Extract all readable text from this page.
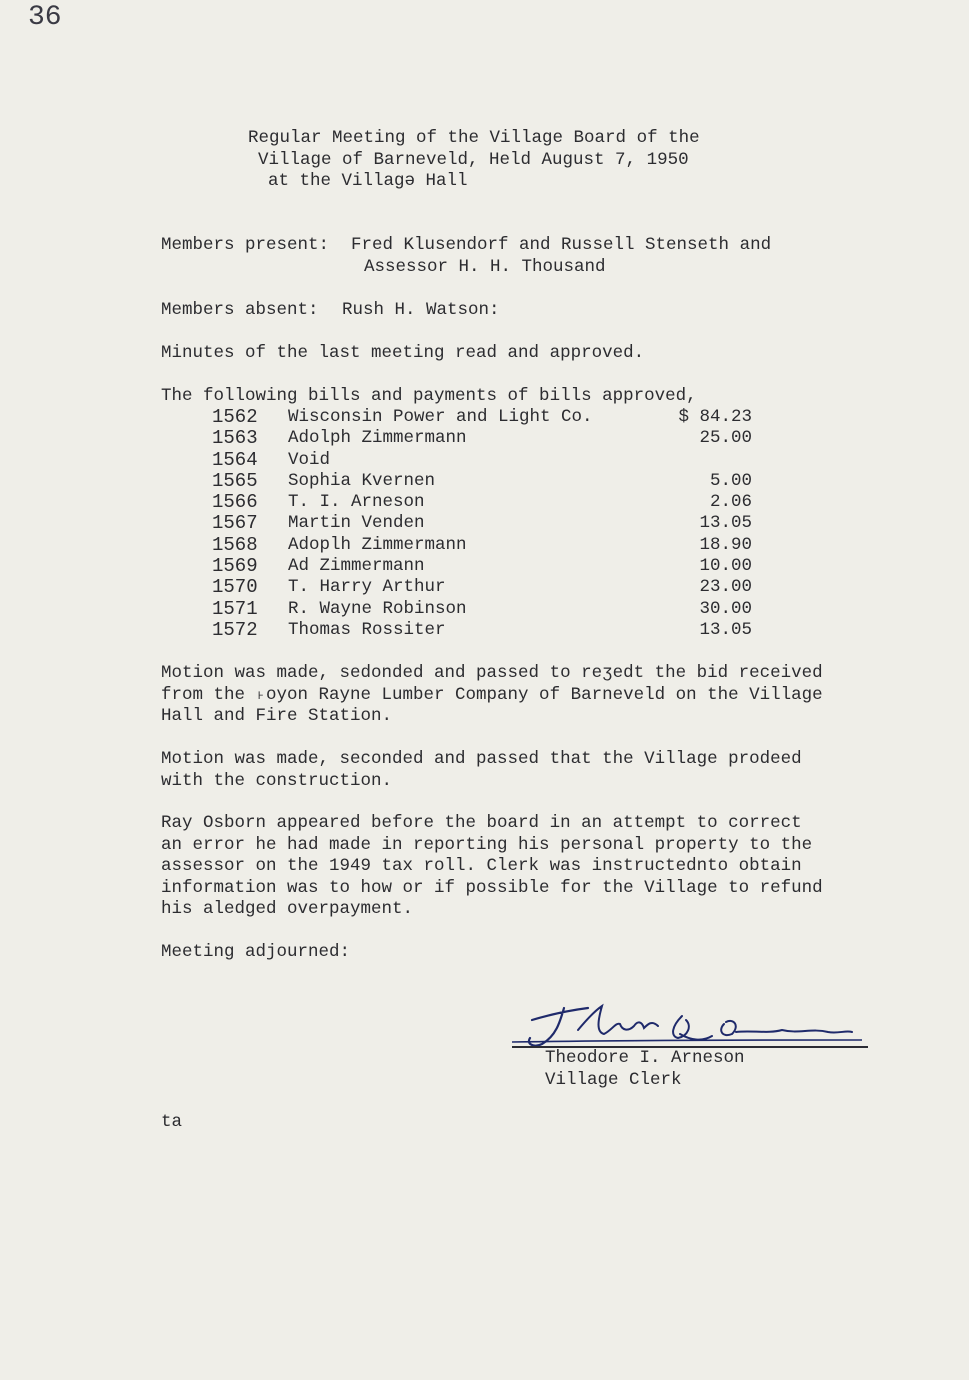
36
Regular Meeting of the Village Board of the
Village of Barneveld, Held August 7, 1950
at the Villagə Hall
Members present: Fred Klusendorf and Russell Stenseth and
Assessor H. H. Thousand
Members absent: Rush H. Watson:
Minutes of the last meeting read and approved.
The following bills and payments of bills approved,
1562	Wisconsin Power and Light Co.	$ 84.23
1563	Adolph Zimmermann	25.00
1564	Void	
1565	Sophia Kvernen	5.00
1566	T. I. Arneson	2.06
1567	Martin Venden	13.05
1568	Adoplh Zimmermann	18.90
1569	Ad Zimmermann	10.00
1570	T. Harry Arthur	23.00
1571	R. Wayne Robinson	30.00
1572	Thomas Rossiter	13.05
Motion was made, sedonded and passed to reʒedt the bid received
from the ˫oyon Rayne Lumber Company of Barneveld on the Village
Hall and Fire Station.
Motion was made, seconded and passed that the Village prodeed
with the construction.
Ray Osborn appeared before the board in an attempt to correct
an error he had made in reporting his personal property to the
assessor on the 1949 tax roll. Clerk was instructednto obtain
information was to how or if possible for the Village to refund
his aledged overpayment.
Meeting adjourned:
Theodore I. Arneson
Village Clerk
ta
